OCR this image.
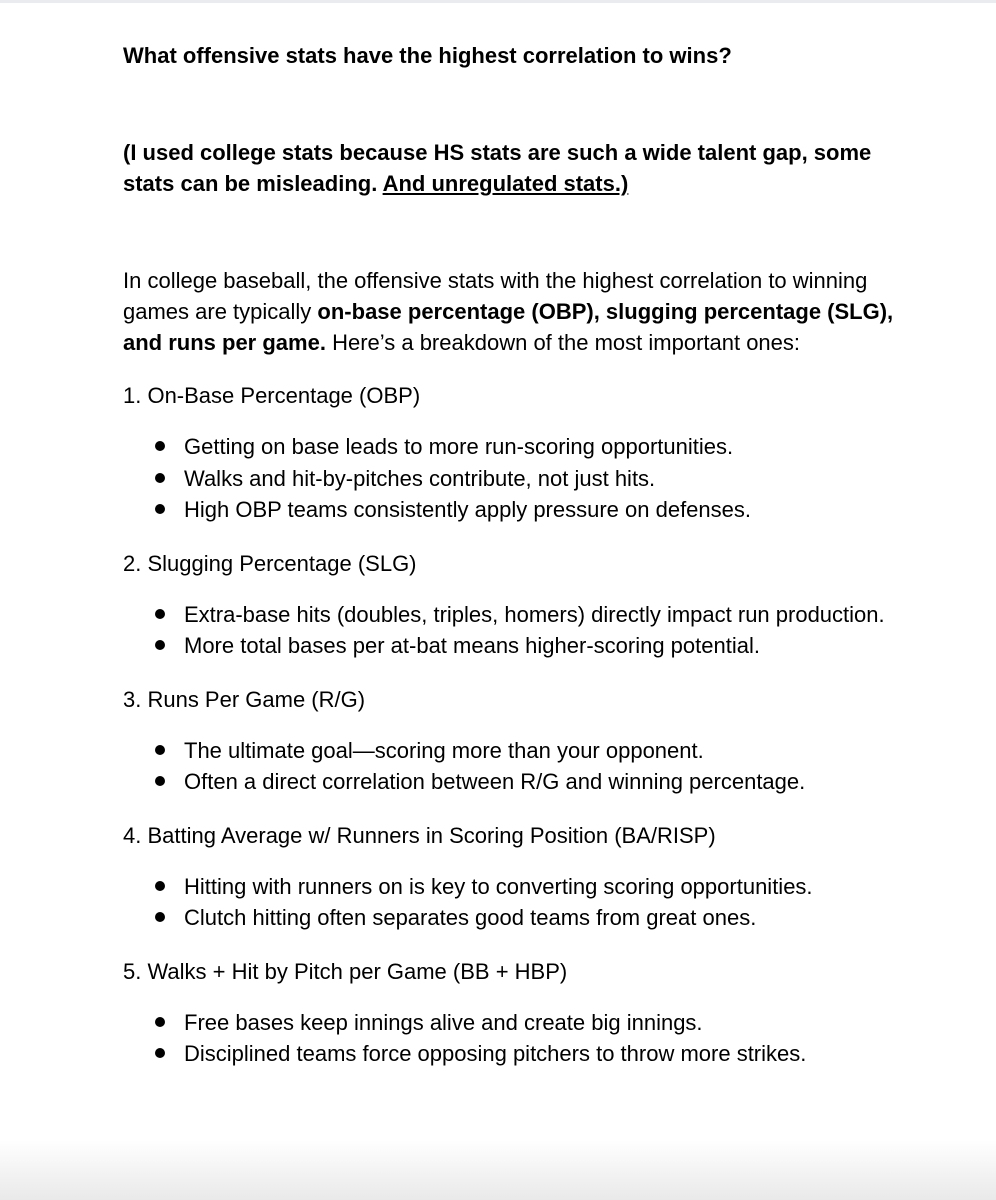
What offensive stats have the highest correlation to wins?

(I used college stats because HS stats are such a wide talent gap, some stats can be misleading. And unregulated stats.)

In college baseball, the offensive stats with the highest correlation to winning games are typically on-base percentage (OBP), slugging percentage (SLG), and runs per game. Here’s a breakdown of the most important ones:

1. On-Base Percentage (OBP)

Getting on base leads to more run-scoring opportunities.
Walks and hit-by-pitches contribute, not just hits.
High OBP teams consistently apply pressure on defenses.

2. Slugging Percentage (SLG)

Extra-base hits (doubles, triples, homers) directly impact run production.
More total bases per at-bat means higher-scoring potential.

3. Runs Per Game (R/G)

The ultimate goal—scoring more than your opponent.
Often a direct correlation between R/G and winning percentage.

4. Batting Average w/ Runners in Scoring Position (BA/RISP)

Hitting with runners on is key to converting scoring opportunities.
Clutch hitting often separates good teams from great ones.

5. Walks + Hit by Pitch per Game (BB + HBP)

Free bases keep innings alive and create big innings.
Disciplined teams force opposing pitchers to throw more strikes.
